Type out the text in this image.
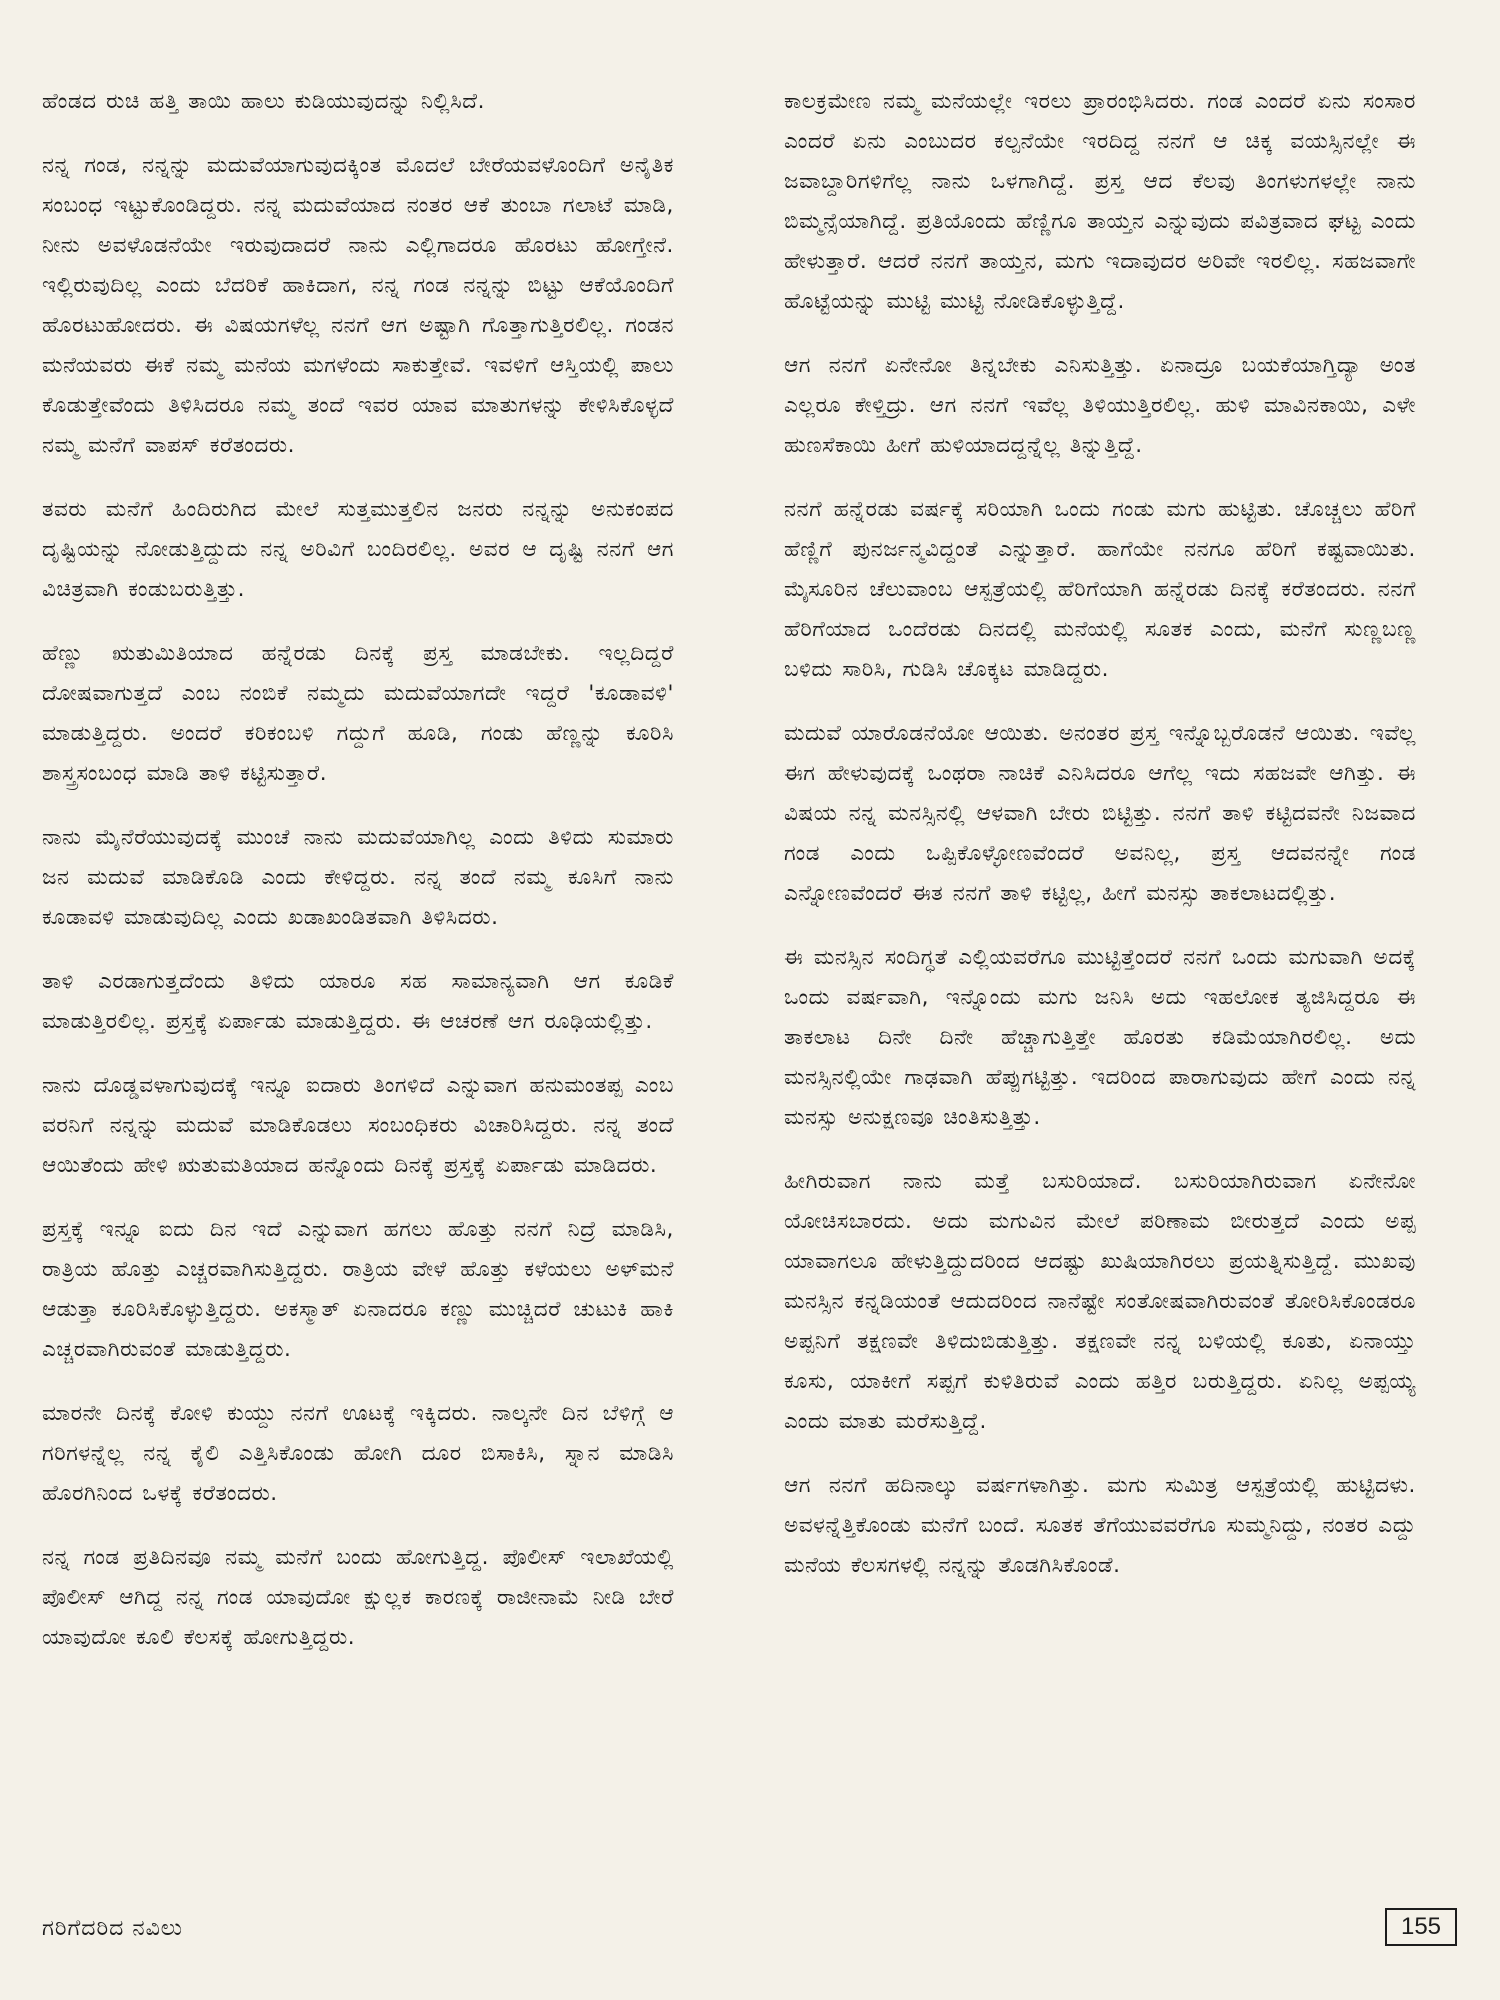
ಹೆಂಡದ ರುಚಿ ಹತ್ತಿ ತಾಯಿ ಹಾಲು ಕುಡಿಯುವುದನ್ನು ನಿಲ್ಲಿಸಿದೆ.

ನನ್ನ ಗಂಡ, ನನ್ನನ್ನು ಮದುವೆಯಾಗುವುದಕ್ಕಿಂತ ಮೊದಲೆ ಬೇರೆಯವಳೊಂದಿಗೆ ಅನೈತಿಕ ಸಂಬಂಧ ಇಟ್ಟುಕೊಂಡಿದ್ದರು. ನನ್ನ ಮದುವೆಯಾದ ನಂತರ ಆಕೆ ತುಂಬಾ ಗಲಾಟೆ ಮಾಡಿ, ನೀನು ಅವಳೊಡನೆಯೇ ಇರುವುದಾದರೆ ನಾನು ಎಲ್ಲಿಗಾದರೂ ಹೊರಟು ಹೋಗ್ತೇನೆ. ಇಲ್ಲಿರುವುದಿಲ್ಲ ಎಂದು ಬೆದರಿಕೆ ಹಾಕಿದಾಗ, ನನ್ನ ಗಂಡ ನನ್ನನ್ನು ಬಿಟ್ಟು ಆಕೆಯೊಂದಿಗೆ ಹೊರಟುಹೋದರು. ಈ ವಿಷಯಗಳೆಲ್ಲ ನನಗೆ ಆಗ ಅಷ್ಟಾಗಿ ಗೊತ್ತಾಗುತ್ತಿರಲಿಲ್ಲ. ಗಂಡನ ಮನೆಯವರು ಈಕೆ ನಮ್ಮ ಮನೆಯ ಮಗಳೆಂದು ಸಾಕುತ್ತೇವೆ. ಇವಳಿಗೆ ಆಸ್ತಿಯಲ್ಲಿ ಪಾಲು ಕೊಡುತ್ತೇವೆಂದು ತಿಳಿಸಿದರೂ ನಮ್ಮ ತಂದೆ ಇವರ ಯಾವ ಮಾತುಗಳನ್ನು ಕೇಳಿಸಿಕೊಳ್ಳದೆ ನಮ್ಮ ಮನೆಗೆ ವಾಪಸ್ ಕರೆತಂದರು.

ತವರು ಮನೆಗೆ ಹಿಂದಿರುಗಿದ ಮೇಲೆ ಸುತ್ತಮುತ್ತಲಿನ ಜನರು ನನ್ನನ್ನು ಅನುಕಂಪದ ದೃಷ್ಟಿಯನ್ನು ನೋಡುತ್ತಿದ್ದುದು ನನ್ನ ಅರಿವಿಗೆ ಬಂದಿರಲಿಲ್ಲ. ಅವರ ಆ ದೃಷ್ಟಿ ನನಗೆ ಆಗ ವಿಚಿತ್ರವಾಗಿ ಕಂಡುಬರುತ್ತಿತ್ತು.

ಹೆಣ್ಣು ಋತುಮಿತಿಯಾದ ಹನ್ನೆರಡು ದಿನಕ್ಕೆ ಪ್ರಸ್ತ ಮಾಡಬೇಕು. ಇಲ್ಲದಿದ್ದರೆ ದೋಷವಾಗುತ್ತದೆ ಎಂಬ ನಂಬಿಕೆ ನಮ್ಮದು ಮದುವೆಯಾಗದೇ ಇದ್ದರೆ 'ಕೂಡಾವಳಿ' ಮಾಡುತ್ತಿದ್ದರು. ಅಂದರೆ ಕರಿಕಂಬಳಿ ಗದ್ದುಗೆ ಹೂಡಿ, ಗಂಡು ಹೆಣ್ಣನ್ನು ಕೂರಿಸಿ ಶಾಸ್ತ್ರಸಂಬಂಧ ಮಾಡಿ ತಾಳಿ ಕಟ್ಟಿಸುತ್ತಾರೆ.

ನಾನು ಮೈನೆರೆಯುವುದಕ್ಕೆ ಮುಂಚೆ ನಾನು ಮದುವೆಯಾಗಿಲ್ಲ ಎಂದು ತಿಳಿದು ಸುಮಾರು ಜನ ಮದುವೆ ಮಾಡಿಕೊಡಿ ಎಂದು ಕೇಳಿದ್ದರು. ನನ್ನ ತಂದೆ ನಮ್ಮ ಕೂಸಿಗೆ ನಾನು ಕೂಡಾವಳಿ ಮಾಡುವುದಿಲ್ಲ ಎಂದು ಖಡಾಖಂಡಿತವಾಗಿ ತಿಳಿಸಿದರು.

ತಾಳಿ ಎರಡಾಗುತ್ತದೆಂದು ತಿಳಿದು ಯಾರೂ ಸಹ ಸಾಮಾನ್ಯವಾಗಿ ಆಗ ಕೂಡಿಕೆ ಮಾಡುತ್ತಿರಲಿಲ್ಲ. ಪ್ರಸ್ತಕ್ಕೆ ಏರ್ಪಾಡು ಮಾಡುತ್ತಿದ್ದರು. ಈ ಆಚರಣೆ ಆಗ ರೂಢಿಯಲ್ಲಿತ್ತು.

ನಾನು ದೊಡ್ಡವಳಾಗುವುದಕ್ಕೆ ಇನ್ನೂ ಐದಾರು ತಿಂಗಳಿದೆ ಎನ್ನುವಾಗ ಹನುಮಂತಪ್ಪ ಎಂಬ ವರನಿಗೆ ನನ್ನನ್ನು ಮದುವೆ ಮಾಡಿಕೊಡಲು ಸಂಬಂಧಿಕರು ವಿಚಾರಿಸಿದ್ದರು. ನನ್ನ ತಂದೆ ಆಯಿತೆಂದು ಹೇಳಿ ಋತುಮತಿಯಾದ ಹನ್ನೊಂದು ದಿನಕ್ಕೆ ಪ್ರಸ್ತಕ್ಕೆ ಏರ್ಪಾಡು ಮಾಡಿದರು.

ಪ್ರಸ್ತಕ್ಕೆ ಇನ್ನೂ ಐದು ದಿನ ಇದೆ ಎನ್ನುವಾಗ ಹಗಲು ಹೊತ್ತು ನನಗೆ ನಿದ್ರೆ ಮಾಡಿಸಿ, ರಾತ್ರಿಯ ಹೊತ್ತು ಎಚ್ಚರವಾಗಿಸುತ್ತಿದ್ದರು. ರಾತ್ರಿಯ ವೇಳೆ ಹೊತ್ತು ಕಳೆಯಲು ಅಳ್‌ಮನೆ ಆಡುತ್ತಾ ಕೂರಿಸಿಕೊಳ್ಳುತ್ತಿದ್ದರು. ಅಕಸ್ಮಾತ್ ಏನಾದರೂ ಕಣ್ಣು ಮುಚ್ಚಿದರೆ ಚುಟುಕಿ ಹಾಕಿ ಎಚ್ಚರವಾಗಿರುವಂತೆ ಮಾಡುತ್ತಿದ್ದರು.

ಮಾರನೇ ದಿನಕ್ಕೆ ಕೋಳಿ ಕುಯ್ದು ನನಗೆ ಊಟಕ್ಕೆ ಇಕ್ಕಿದರು. ನಾಲ್ಕನೇ ದಿನ ಬೆಳಿಗ್ಗೆ ಆ ಗರಿಗಳನ್ನೆಲ್ಲ ನನ್ನ ಕೈಲಿ ಎತ್ತಿಸಿಕೊಂಡು ಹೋಗಿ ದೂರ ಬಿಸಾಕಿಸಿ, ಸ್ನಾನ ಮಾಡಿಸಿ ಹೊರಗಿನಿಂದ ಒಳಕ್ಕೆ ಕರೆತಂದರು.

ನನ್ನ ಗಂಡ ಪ್ರತಿದಿನವೂ ನಮ್ಮ ಮನೆಗೆ ಬಂದು ಹೋಗುತ್ತಿದ್ದ. ಪೊಲೀಸ್ ಇಲಾಖೆಯಲ್ಲಿ ಪೊಲೀಸ್ ಆಗಿದ್ದ ನನ್ನ ಗಂಡ ಯಾವುದೋ ಕ್ಷುಲ್ಲಕ ಕಾರಣಕ್ಕೆ ರಾಜೀನಾಮೆ ನೀಡಿ ಬೇರೆ ಯಾವುದೋ ಕೂಲಿ ಕೆಲಸಕ್ಕೆ ಹೋಗುತ್ತಿದ್ದರು.

ಕಾಲಕ್ರಮೇಣ ನಮ್ಮ ಮನೆಯಲ್ಲೇ ಇರಲು ಪ್ರಾರಂಭಿಸಿದರು. ಗಂಡ ಎಂದರೆ ಏನು ಸಂಸಾರ ಎಂದರೆ ಏನು ಎಂಬುದರ ಕಲ್ಪನೆಯೇ ಇರದಿದ್ದ ನನಗೆ ಆ ಚಿಕ್ಕ ವಯಸ್ಸಿನಲ್ಲೇ ಈ ಜವಾಬ್ದಾರಿಗಳಿಗೆಲ್ಲ ನಾನು ಒಳಗಾಗಿದ್ದೆ. ಪ್ರಸ್ತ ಆದ ಕೆಲವು ತಿಂಗಳುಗಳಲ್ಲೇ ನಾನು ಬಿಮ್ಮನ್ಸೆಯಾಗಿದ್ದೆ. ಪ್ರತಿಯೊಂದು ಹೆಣ್ಣಿಗೂ ತಾಯ್ತನ ಎನ್ನುವುದು ಪವಿತ್ರವಾದ ಘಟ್ಟ ಎಂದು ಹೇಳುತ್ತಾರೆ. ಆದರೆ ನನಗೆ ತಾಯ್ತನ, ಮಗು ಇದಾವುದರ ಅರಿವೇ ಇರಲಿಲ್ಲ. ಸಹಜವಾಗೇ ಹೊಟ್ಟೆಯನ್ನು ಮುಟ್ಟಿ ಮುಟ್ಟಿ ನೋಡಿಕೊಳ್ಳುತ್ತಿದ್ದೆ.

ಆಗ ನನಗೆ ಏನೇನೋ ತಿನ್ನಬೇಕು ಎನಿಸುತ್ತಿತ್ತು. ಏನಾದ್ರೂ ಬಯಕೆಯಾಗ್ತಿದ್ಯಾ ಅಂತ ಎಲ್ಲರೂ ಕೇಳ್ತಿದ್ರು. ಆಗ ನನಗೆ ಇವೆಲ್ಲ ತಿಳಿಯುತ್ತಿರಲಿಲ್ಲ. ಹುಳಿ ಮಾವಿನಕಾಯಿ, ಎಳೇ ಹುಣಸೆಕಾಯಿ ಹೀಗೆ ಹುಳಿಯಾದದ್ದನ್ನೆಲ್ಲ ತಿನ್ನುತ್ತಿದ್ದೆ.

ನನಗೆ ಹನ್ನೆರಡು ವರ್ಷಕ್ಕೆ ಸರಿಯಾಗಿ ಒಂದು ಗಂಡು ಮಗು ಹುಟ್ಟಿತು. ಚೊಚ್ಚಲು ಹೆರಿಗೆ ಹೆಣ್ಣಿಗೆ ಪುನರ್ಜನ್ಮವಿದ್ದಂತೆ ಎನ್ನುತ್ತಾರೆ. ಹಾಗೆಯೇ ನನಗೂ ಹೆರಿಗೆ ಕಷ್ಟವಾಯಿತು. ಮೈಸೂರಿನ ಚೆಲುವಾಂಬ ಆಸ್ಪತ್ರೆಯಲ್ಲಿ ಹೆರಿಗೆಯಾಗಿ ಹನ್ನೆರಡು ದಿನಕ್ಕೆ ಕರೆತಂದರು. ನನಗೆ ಹೆರಿಗೆಯಾದ ಒಂದೆರಡು ದಿನದಲ್ಲಿ ಮನೆಯಲ್ಲಿ ಸೂತಕ ಎಂದು, ಮನೆಗೆ ಸುಣ್ಣಬಣ್ಣ ಬಳಿದು ಸಾರಿಸಿ, ಗುಡಿಸಿ ಚೊಕ್ಕಟ ಮಾಡಿದ್ದರು.

ಮದುವೆ ಯಾರೊಡನೆಯೋ ಆಯಿತು. ಅನಂತರ ಪ್ರಸ್ತ ಇನ್ನೊಬ್ಬರೊಡನೆ ಆಯಿತು. ಇವೆಲ್ಲ ಈಗ ಹೇಳುವುದಕ್ಕೆ ಒಂಥರಾ ನಾಚಿಕೆ ಎನಿಸಿದರೂ ಆಗೆಲ್ಲ ಇದು ಸಹಜವೇ ಆಗಿತ್ತು. ಈ ವಿಷಯ ನನ್ನ ಮನಸ್ಸಿನಲ್ಲಿ ಆಳವಾಗಿ ಬೇರು ಬಿಟ್ಟಿತ್ತು. ನನಗೆ ತಾಳಿ ಕಟ್ಟಿದವನೇ ನಿಜವಾದ ಗಂಡ ಎಂದು ಒಪ್ಪಿಕೊಳ್ಳೋಣವೆಂದರೆ ಅವನಿಲ್ಲ, ಪ್ರಸ್ತ ಆದವನನ್ನೇ ಗಂಡ ಎನ್ನೋಣವೆಂದರೆ ಈತ ನನಗೆ ತಾಳಿ ಕಟ್ಟಿಲ್ಲ, ಹೀಗೆ ಮನಸ್ಸು ತಾಕಲಾಟದಲ್ಲಿತ್ತು.

ಈ ಮನಸ್ಸಿನ ಸಂದಿಗ್ಧತೆ ಎಲ್ಲಿಯವರೆಗೂ ಮುಟ್ಟಿತ್ತೆಂದರೆ ನನಗೆ ಒಂದು ಮಗುವಾಗಿ ಅದಕ್ಕೆ ಒಂದು ವರ್ಷವಾಗಿ, ಇನ್ನೊಂದು ಮಗು ಜನಿಸಿ ಅದು ಇಹಲೋಕ ತ್ಯಜಿಸಿದ್ದರೂ ಈ ತಾಕಲಾಟ ದಿನೇ ದಿನೇ ಹೆಚ್ಚಾಗುತ್ತಿತ್ತೇ ಹೊರತು ಕಡಿಮೆಯಾಗಿರಲಿಲ್ಲ. ಅದು ಮನಸ್ಸಿನಲ್ಲಿಯೇ ಗಾಢವಾಗಿ ಹೆಪ್ಪುಗಟ್ಟಿತ್ತು. ಇದರಿಂದ ಪಾರಾಗುವುದು ಹೇಗೆ ಎಂದು ನನ್ನ ಮನಸ್ಸು ಅನುಕ್ಷಣವೂ ಚಿಂತಿಸುತ್ತಿತ್ತು.

ಹೀಗಿರುವಾಗ ನಾನು ಮತ್ತೆ ಬಸುರಿಯಾದೆ. ಬಸುರಿಯಾಗಿರುವಾಗ ಏನೇನೋ ಯೋಚಿಸಬಾರದು. ಅದು ಮಗುವಿನ ಮೇಲೆ ಪರಿಣಾಮ ಬೀರುತ್ತದೆ ಎಂದು ಅಪ್ಪ ಯಾವಾಗಲೂ ಹೇಳುತ್ತಿದ್ದುದರಿಂದ ಆದಷ್ಟು ಖುಷಿಯಾಗಿರಲು ಪ್ರಯತ್ನಿಸುತ್ತಿದ್ದೆ. ಮುಖವು ಮನಸ್ಸಿನ ಕನ್ನಡಿಯಂತೆ ಆದುದರಿಂದ ನಾನೆಷ್ಟೇ ಸಂತೋಷವಾಗಿರುವಂತೆ ತೋರಿಸಿಕೊಂಡರೂ ಅಪ್ಪನಿಗೆ ತಕ್ಷಣವೇ ತಿಳಿದುಬಿಡುತ್ತಿತ್ತು. ತಕ್ಷಣವೇ ನನ್ನ ಬಳಿಯಲ್ಲಿ ಕೂತು, ಏನಾಯ್ತು ಕೂಸು, ಯಾಕೀಗೆ ಸಪ್ಪಗೆ ಕುಳಿತಿರುವೆ ಎಂದು ಹತ್ತಿರ ಬರುತ್ತಿದ್ದರು. ಏನಿಲ್ಲ ಅಪ್ಪಯ್ಯ ಎಂದು ಮಾತು ಮರೆಸುತ್ತಿದ್ದೆ.

ಆಗ ನನಗೆ ಹದಿನಾಲ್ಕು ವರ್ಷಗಳಾಗಿತ್ತು. ಮಗು ಸುಮಿತ್ರ ಆಸ್ಪತ್ರೆಯಲ್ಲಿ ಹುಟ್ಟಿದಳು. ಅವಳನ್ನೆತ್ತಿಕೊಂಡು ಮನೆಗೆ ಬಂದೆ. ಸೂತಕ ತೆಗೆಯುವವರೆಗೂ ಸುಮ್ಮನಿದ್ದು, ನಂತರ ಎದ್ದು ಮನೆಯ ಕೆಲಸಗಳಲ್ಲಿ ನನ್ನನ್ನು ತೊಡಗಿಸಿಕೊಂಡೆ.

ಗರಿಗೆದರಿದ ನವಿಲು	155
